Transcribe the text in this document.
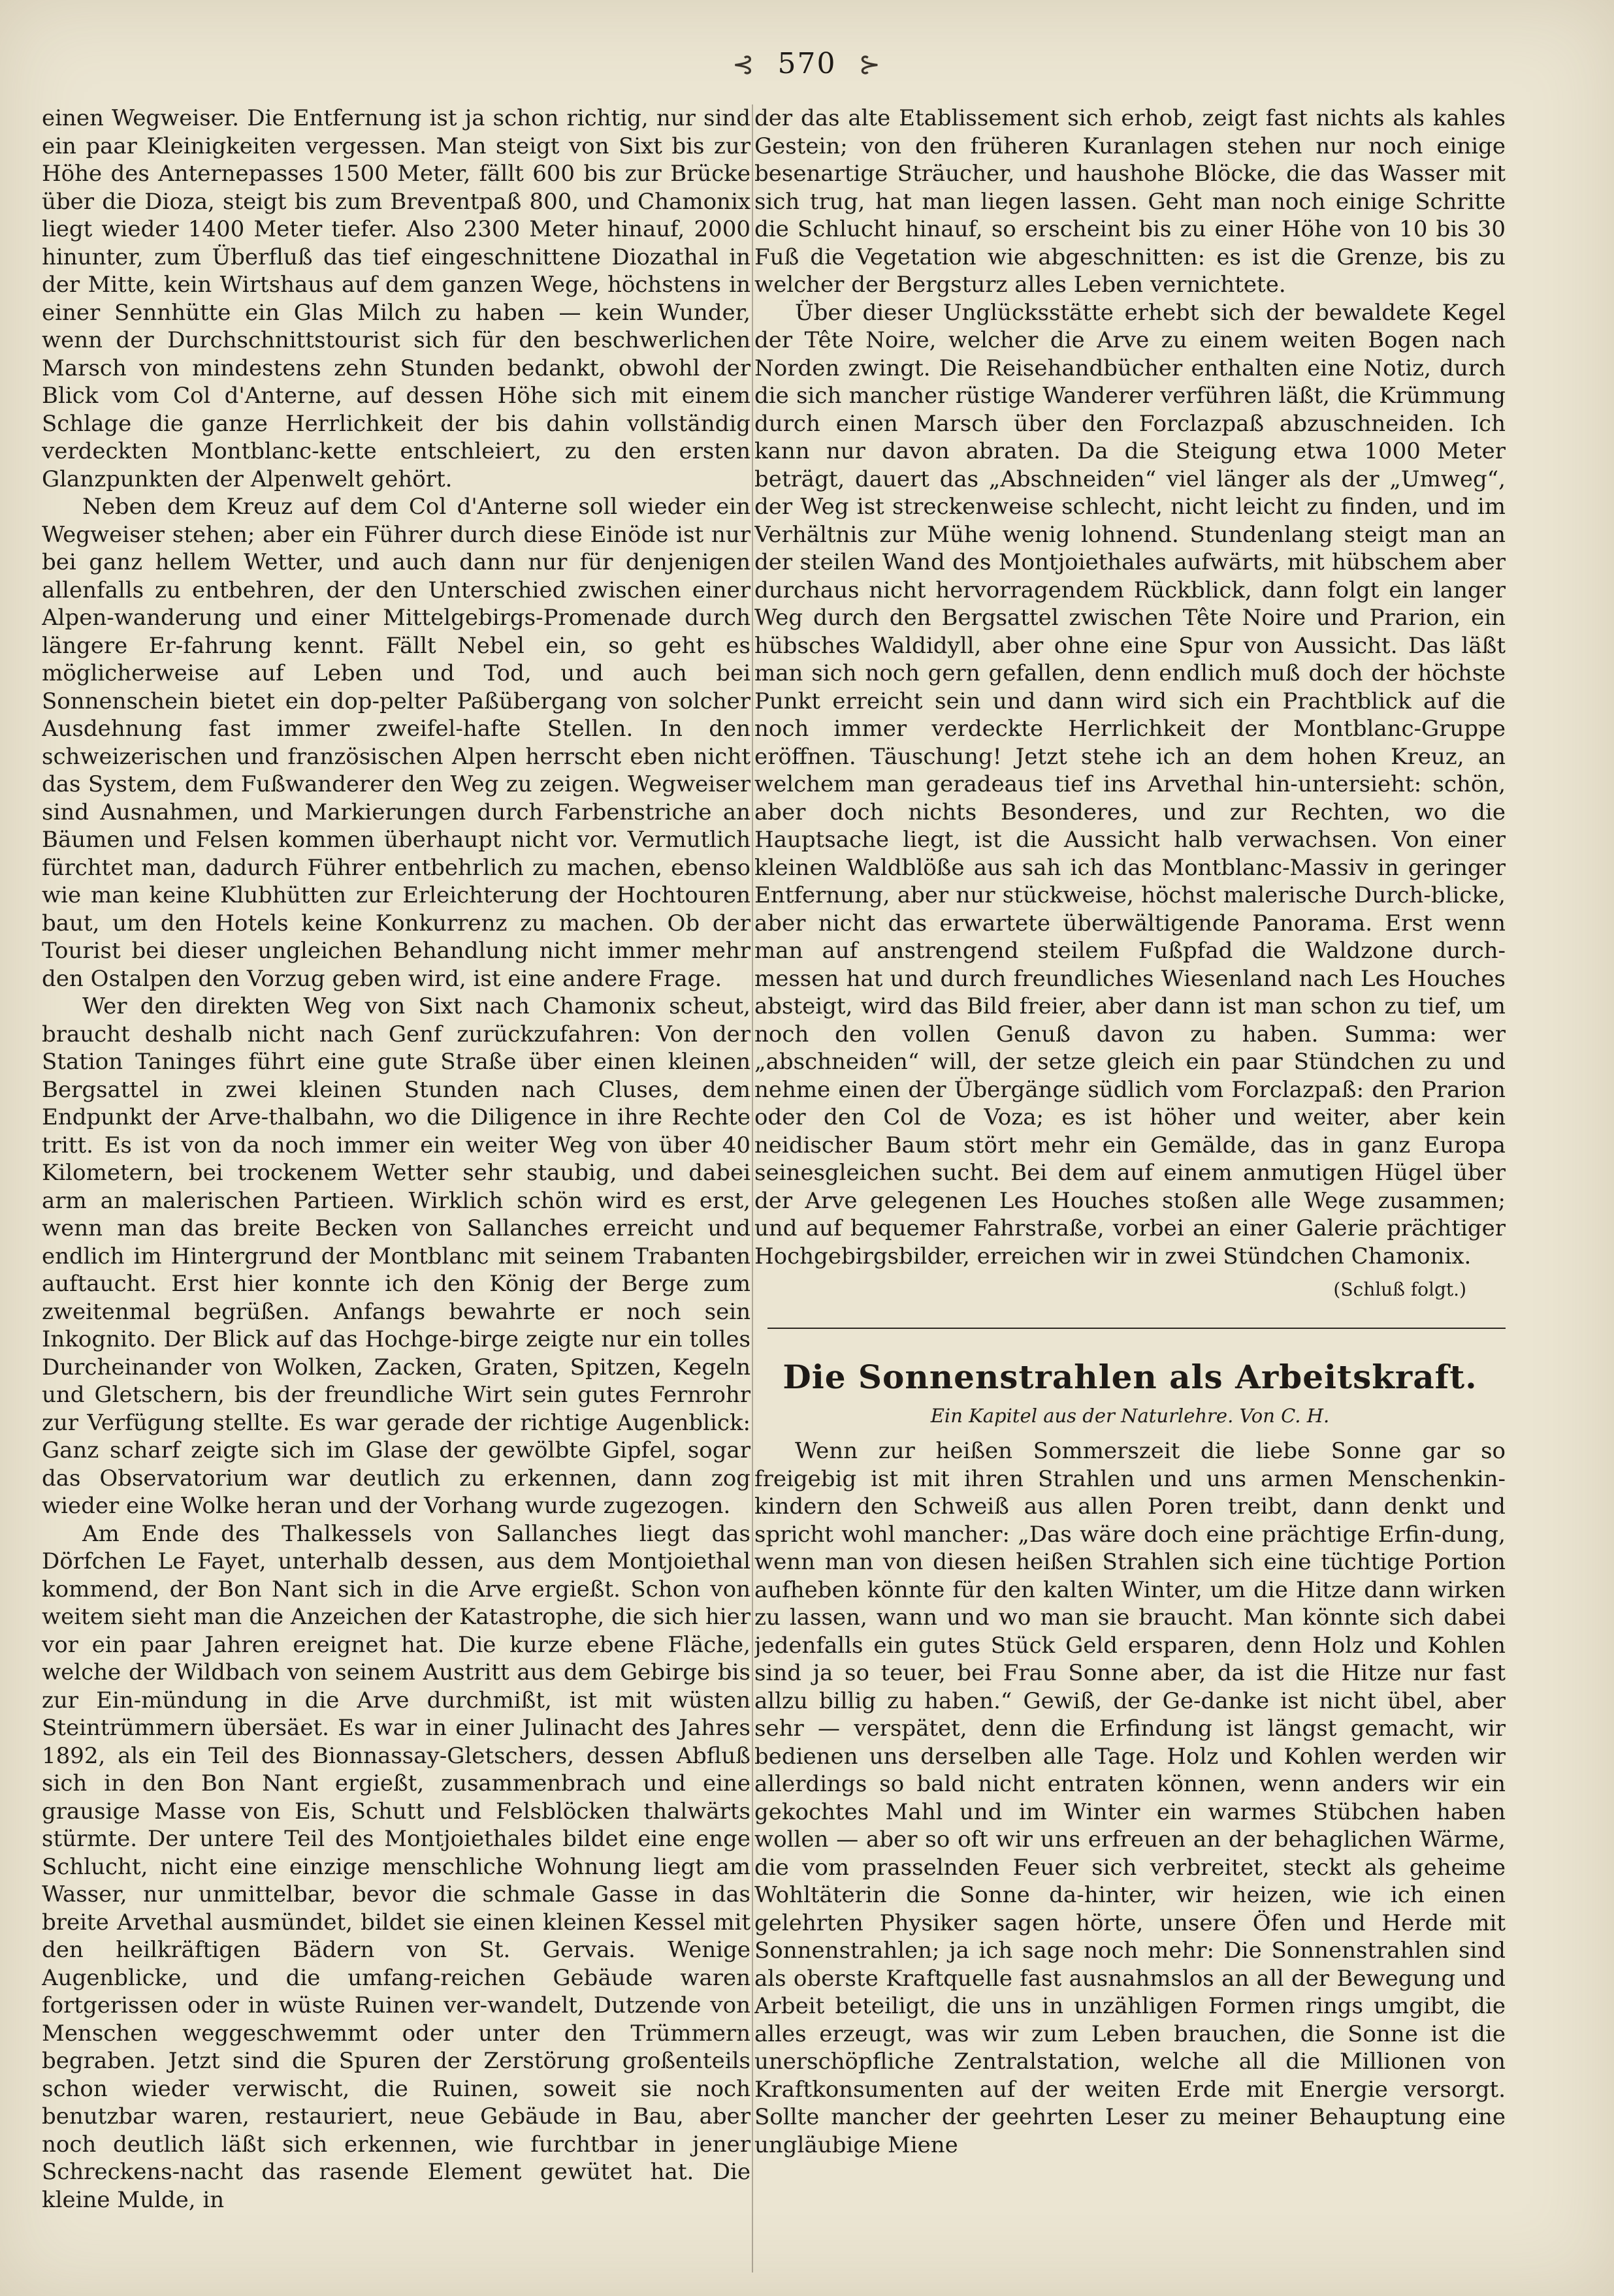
⊰ 570 ⊱

einen Wegweiser. Die Entfernung ist ja schon richtig, nur sind ein paar Kleinigkeiten vergessen. Man steigt von Sixt bis zur Höhe des Anternepasses 1500 Meter, fällt 600 bis zur Brücke über die Dioza, steigt bis zum Breventpaß 800, und Chamonix liegt wieder 1400 Meter tiefer. Also 2300 Meter hinauf, 2000 hinunter, zum Überfluß das tief eingeschnittene Diozathal in der Mitte, kein Wirtshaus auf dem ganzen Wege, höchstens in einer Sennhütte ein Glas Milch zu haben — kein Wunder, wenn der Durchschnittstourist sich für den beschwerlichen Marsch von mindestens zehn Stunden bedankt, obwohl der Blick vom Col d'Anterne, auf dessen Höhe sich mit einem Schlage die ganze Herrlichkeit der bis dahin vollständig verdeckten Montblanc-kette entschleiert, zu den ersten Glanzpunkten der Alpenwelt gehört.

Neben dem Kreuz auf dem Col d'Anterne soll wieder ein Wegweiser stehen; aber ein Führer durch diese Einöde ist nur bei ganz hellem Wetter, und auch dann nur für denjenigen allenfalls zu entbehren, der den Unterschied zwischen einer Alpen-wanderung und einer Mittelgebirgs-Promenade durch längere Er-fahrung kennt. Fällt Nebel ein, so geht es möglicherweise auf Leben und Tod, und auch bei Sonnenschein bietet ein dop-pelter Paßübergang von solcher Ausdehnung fast immer zweifel-hafte Stellen. In den schweizerischen und französischen Alpen herrscht eben nicht das System, dem Fußwanderer den Weg zu zeigen. Wegweiser sind Ausnahmen, und Markierungen durch Farbenstriche an Bäumen und Felsen kommen überhaupt nicht vor. Vermutlich fürchtet man, dadurch Führer entbehrlich zu machen, ebenso wie man keine Klubhütten zur Erleichterung der Hochtouren baut, um den Hotels keine Konkurrenz zu machen. Ob der Tourist bei dieser ungleichen Behandlung nicht immer mehr den Ostalpen den Vorzug geben wird, ist eine andere Frage.

Wer den direkten Weg von Sixt nach Chamonix scheut, braucht deshalb nicht nach Genf zurückzufahren: Von der Station Taninges führt eine gute Straße über einen kleinen Bergsattel in zwei kleinen Stunden nach Cluses, dem Endpunkt der Arve-thalbahn, wo die Diligence in ihre Rechte tritt. Es ist von da noch immer ein weiter Weg von über 40 Kilometern, bei trockenem Wetter sehr staubig, und dabei arm an malerischen Partieen. Wirklich schön wird es erst, wenn man das breite Becken von Sallanches erreicht und endlich im Hintergrund der Montblanc mit seinem Trabanten auftaucht. Erst hier konnte ich den König der Berge zum zweitenmal begrüßen. Anfangs bewahrte er noch sein Inkognito. Der Blick auf das Hochge-birge zeigte nur ein tolles Durcheinander von Wolken, Zacken, Graten, Spitzen, Kegeln und Gletschern, bis der freundliche Wirt sein gutes Fernrohr zur Verfügung stellte. Es war gerade der richtige Augenblick: Ganz scharf zeigte sich im Glase der gewölbte Gipfel, sogar das Observatorium war deutlich zu erkennen, dann zog wieder eine Wolke heran und der Vorhang wurde zugezogen.

Am Ende des Thalkessels von Sallanches liegt das Dörfchen Le Fayet, unterhalb dessen, aus dem Montjoiethal kommend, der Bon Nant sich in die Arve ergießt. Schon von weitem sieht man die Anzeichen der Katastrophe, die sich hier vor ein paar Jahren ereignet hat. Die kurze ebene Fläche, welche der Wildbach von seinem Austritt aus dem Gebirge bis zur Ein-mündung in die Arve durchmißt, ist mit wüsten Steintrümmern übersäet. Es war in einer Julinacht des Jahres 1892, als ein Teil des Bionnassay-Gletschers, dessen Abfluß sich in den Bon Nant ergießt, zusammenbrach und eine grausige Masse von Eis, Schutt und Felsblöcken thalwärts stürmte. Der untere Teil des Montjoiethales bildet eine enge Schlucht, nicht eine einzige menschliche Wohnung liegt am Wasser, nur unmittelbar, bevor die schmale Gasse in das breite Arvethal ausmündet, bildet sie einen kleinen Kessel mit den heilkräftigen Bädern von St. Gervais. Wenige Augenblicke, und die umfang-reichen Gebäude waren fortgerissen oder in wüste Ruinen ver-wandelt, Dutzende von Menschen weggeschwemmt oder unter den Trümmern begraben. Jetzt sind die Spuren der Zerstörung großenteils schon wieder verwischt, die Ruinen, soweit sie noch benutzbar waren, restauriert, neue Gebäude in Bau, aber noch deutlich läßt sich erkennen, wie furchtbar in jener Schreckens-nacht das rasende Element gewütet hat. Die kleine Mulde, in

der das alte Etablissement sich erhob, zeigt fast nichts als kahles Gestein; von den früheren Kuranlagen stehen nur noch einige besenartige Sträucher, und haushohe Blöcke, die das Wasser mit sich trug, hat man liegen lassen. Geht man noch einige Schritte die Schlucht hinauf, so erscheint bis zu einer Höhe von 10 bis 30 Fuß die Vegetation wie abgeschnitten: es ist die Grenze, bis zu welcher der Bergsturz alles Leben vernichtete.

Über dieser Unglücksstätte erhebt sich der bewaldete Kegel der Tête Noire, welcher die Arve zu einem weiten Bogen nach Norden zwingt. Die Reisehandbücher enthalten eine Notiz, durch die sich mancher rüstige Wanderer verführen läßt, die Krümmung durch einen Marsch über den Forclazpaß abzuschneiden. Ich kann nur davon abraten. Da die Steigung etwa 1000 Meter beträgt, dauert das „Abschneiden“ viel länger als der „Umweg“, der Weg ist streckenweise schlecht, nicht leicht zu finden, und im Verhältnis zur Mühe wenig lohnend. Stundenlang steigt man an der steilen Wand des Montjoiethales aufwärts, mit hübschem aber durchaus nicht hervorragendem Rückblick, dann folgt ein langer Weg durch den Bergsattel zwischen Tête Noire und Prarion, ein hübsches Waldidyll, aber ohne eine Spur von Aussicht. Das läßt man sich noch gern gefallen, denn endlich muß doch der höchste Punkt erreicht sein und dann wird sich ein Prachtblick auf die noch immer verdeckte Herrlichkeit der Montblanc-Gruppe eröffnen. Täuschung! Jetzt stehe ich an dem hohen Kreuz, an welchem man geradeaus tief ins Arvethal hin-untersieht: schön, aber doch nichts Besonderes, und zur Rechten, wo die Hauptsache liegt, ist die Aussicht halb verwachsen. Von einer kleinen Waldblöße aus sah ich das Montblanc-Massiv in geringer Entfernung, aber nur stückweise, höchst malerische Durch-blicke, aber nicht das erwartete überwältigende Panorama. Erst wenn man auf anstrengend steilem Fußpfad die Waldzone durch-messen hat und durch freundliches Wiesenland nach Les Houches absteigt, wird das Bild freier, aber dann ist man schon zu tief, um noch den vollen Genuß davon zu haben. Summa: wer „abschneiden“ will, der setze gleich ein paar Stündchen zu und nehme einen der Übergänge südlich vom Forclazpaß: den Prarion oder den Col de Voza; es ist höher und weiter, aber kein neidischer Baum stört mehr ein Gemälde, das in ganz Europa seinesgleichen sucht. Bei dem auf einem anmutigen Hügel über der Arve gelegenen Les Houches stoßen alle Wege zusammen; und auf bequemer Fahrstraße, vorbei an einer Galerie prächtiger Hochgebirgsbilder, erreichen wir in zwei Stündchen Chamonix.

(Schluß folgt.)
Die Sonnenstrahlen als Arbeitskraft.
Ein Kapitel aus der Naturlehre. Von C. H.

Wenn zur heißen Sommerszeit die liebe Sonne gar so freigebig ist mit ihren Strahlen und uns armen Menschenkin-kindern den Schweiß aus allen Poren treibt, dann denkt und spricht wohl mancher: „Das wäre doch eine prächtige Erfin-dung, wenn man von diesen heißen Strahlen sich eine tüchtige Portion aufheben könnte für den kalten Winter, um die Hitze dann wirken zu lassen, wann und wo man sie braucht. Man könnte sich dabei jedenfalls ein gutes Stück Geld ersparen, denn Holz und Kohlen sind ja so teuer, bei Frau Sonne aber, da ist die Hitze nur fast allzu billig zu haben.“ Gewiß, der Ge-danke ist nicht übel, aber sehr — verspätet, denn die Erfindung ist längst gemacht, wir bedienen uns derselben alle Tage. Holz und Kohlen werden wir allerdings so bald nicht entraten können, wenn anders wir ein gekochtes Mahl und im Winter ein warmes Stübchen haben wollen — aber so oft wir uns erfreuen an der behaglichen Wärme, die vom prasselnden Feuer sich verbreitet, steckt als geheime Wohltäterin die Sonne da-hinter, wir heizen, wie ich einen gelehrten Physiker sagen hörte, unsere Öfen und Herde mit Sonnenstrahlen; ja ich sage noch mehr: Die Sonnenstrahlen sind als oberste Kraftquelle fast ausnahmslos an all der Bewegung und Arbeit beteiligt, die uns in unzähligen Formen rings umgibt, die alles erzeugt, was wir zum Leben brauchen, die Sonne ist die unerschöpfliche Zentralstation, welche all die Millionen von Kraftkonsumenten auf der weiten Erde mit Energie versorgt. Sollte mancher der geehrten Leser zu meiner Behauptung eine ungläubige Miene
